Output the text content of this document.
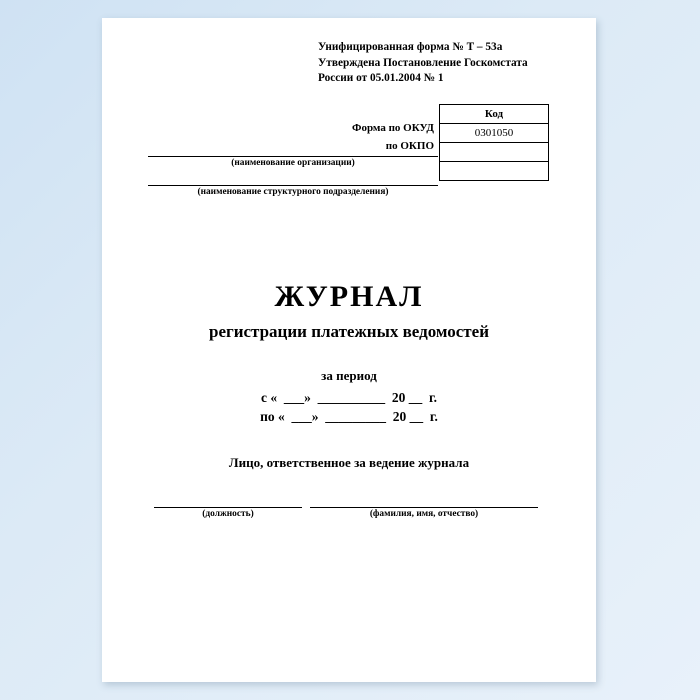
Унифицированная форма № Т – 53а
Утверждена Постановление Госкомстата
России от 05.01.2004 № 1
Код
0301050
Форма по ОКУД
по ОКПО
(наименование организации)
(наименование структурного подразделения)
ЖУРНАЛ
регистрации платежных ведомостей
за период
с «  ___»  __________  20 __  г.
по «  ___»  _________  20 __  г.
Лицо, ответственное за ведение журнала
(должность)	(фамилия, имя, отчество)
